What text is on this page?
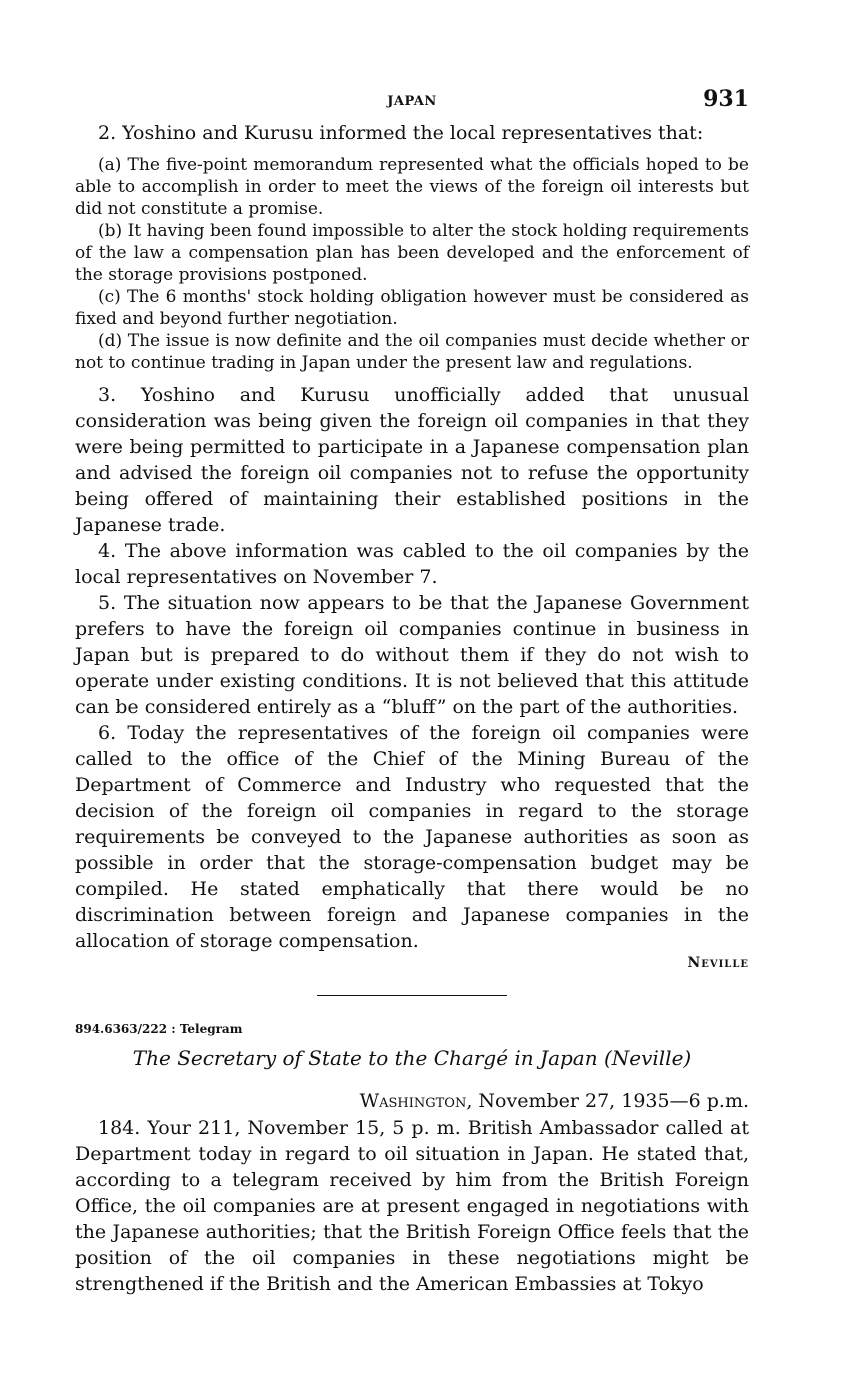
JAPAN	931

2. Yoshino and Kurusu informed the local representatives that:

(a) The five-point memorandum represented what the officials hoped to be able to accomplish in order to meet the views of the foreign oil interests but did not constitute a promise.

(b) It having been found impossible to alter the stock holding requirements of the law a compensation plan has been developed and the enforcement of the storage provisions postponed.

(c) The 6 months' stock holding obligation however must be considered as fixed and beyond further negotiation.

(d) The issue is now definite and the oil companies must decide whether or not to continue trading in Japan under the present law and regulations.

3. Yoshino and Kurusu unofficially added that unusual consideration was being given the foreign oil companies in that they were being permitted to participate in a Japanese compensation plan and advised the foreign oil companies not to refuse the opportunity being offered of maintaining their established positions in the Japanese trade.

4. The above information was cabled to the oil companies by the local representatives on November 7.

5. The situation now appears to be that the Japanese Government prefers to have the foreign oil companies continue in business in Japan but is prepared to do without them if they do not wish to operate under existing conditions. It is not believed that this attitude can be considered entirely as a “bluff” on the part of the authorities.

6. Today the representatives of the foreign oil companies were called to the office of the Chief of the Mining Bureau of the Department of Commerce and Industry who requested that the decision of the foreign oil companies in regard to the storage requirements be conveyed to the Japanese authorities as soon as possible in order that the storage-compensation budget may be compiled. He stated emphatically that there would be no discrimination between foreign and Japanese companies in the allocation of storage compensation.

Neville
894.6363/222 : Telegram
The Secretary of State to the Chargé in Japan (Neville)
Washington, November 27, 1935—6 p.m.

184. Your 211, November 15, 5 p. m. British Ambassador called at Department today in regard to oil situation in Japan. He stated that, according to a telegram received by him from the British Foreign Office, the oil companies are at present engaged in negotiations with the Japanese authorities; that the British Foreign Office feels that the position of the oil companies in these negotiations might be strengthened if the British and the American Embassies at Tokyo
